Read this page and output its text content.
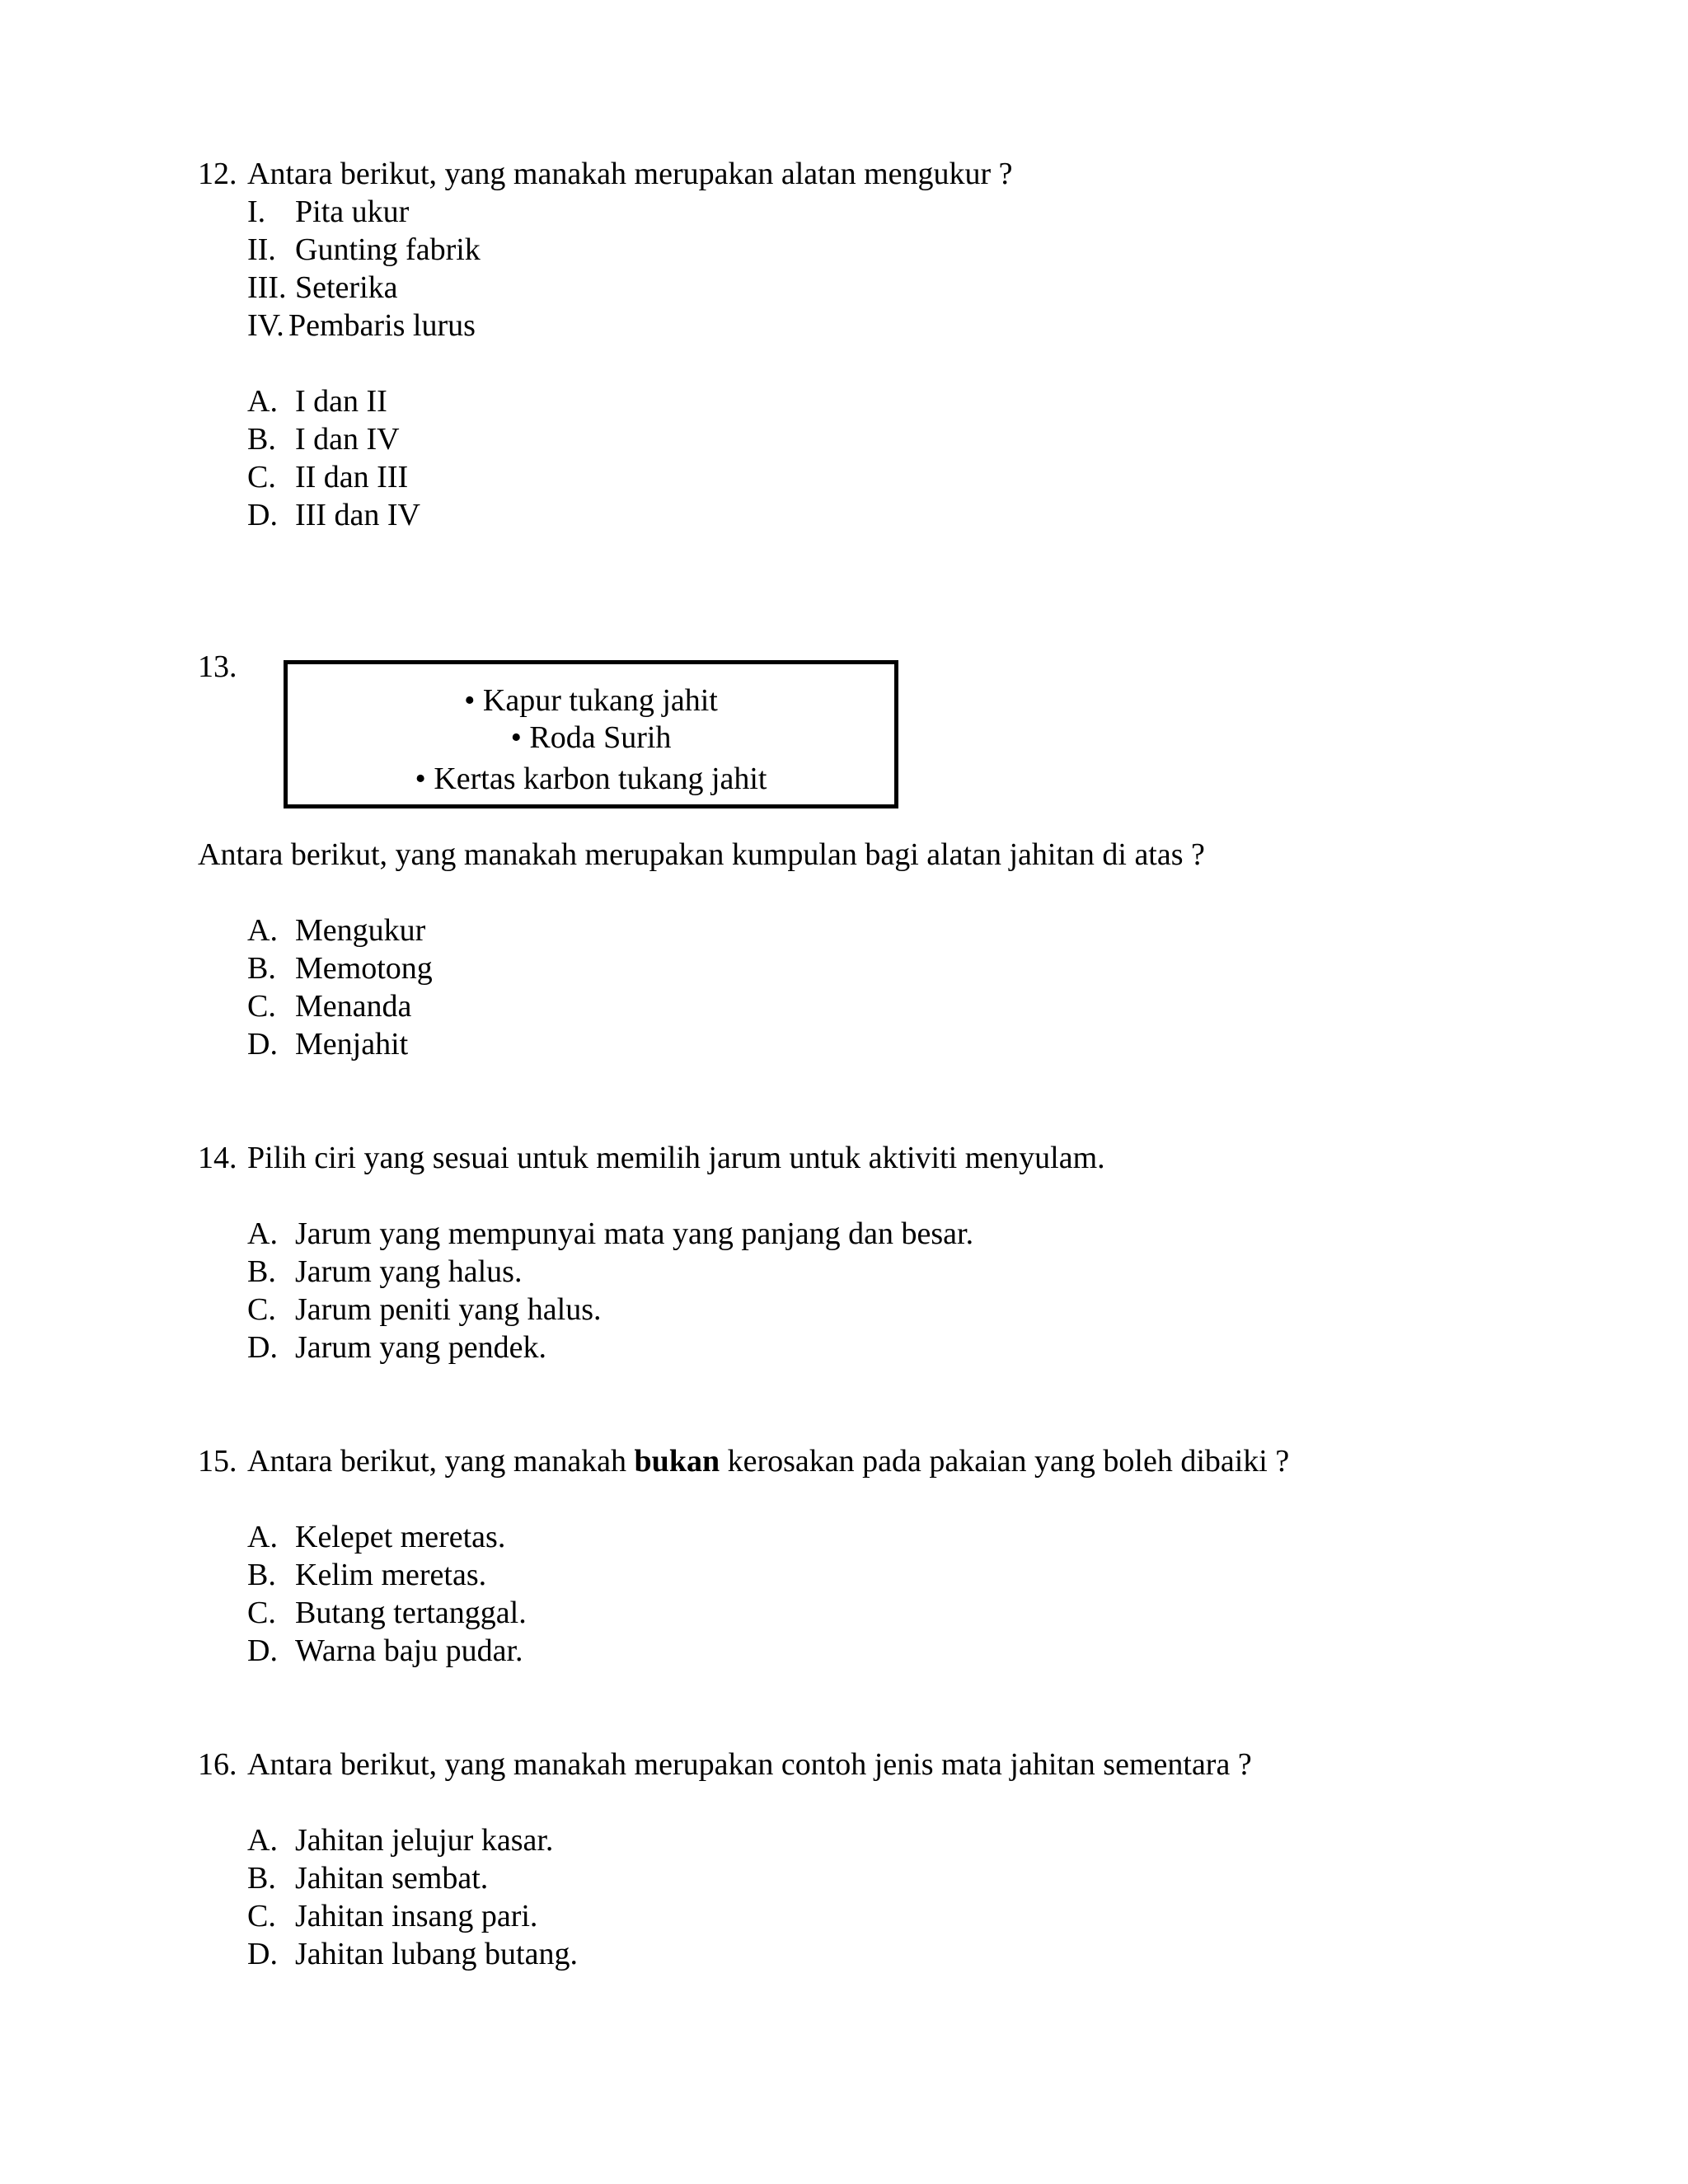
12. Antara berikut, yang manakah merupakan alatan mengukur ?
I. Pita ukur
II. Gunting fabrik
III. Seterika
IV. Pembaris lurus
A. I dan II
B. I dan IV
C. II dan III
D. III dan IV
13.
• Kapur tukang jahit
• Roda Surih
• Kertas karbon tukang jahit
Antara berikut, yang manakah merupakan kumpulan bagi alatan jahitan di atas ?
A. Mengukur
B. Memotong
C. Menanda
D. Menjahit
14. Pilih ciri yang sesuai untuk memilih jarum untuk aktiviti menyulam.
A. Jarum yang mempunyai mata yang panjang dan besar.
B. Jarum yang halus.
C. Jarum peniti yang halus.
D. Jarum yang pendek.
15. Antara berikut, yang manakah bukan kerosakan pada pakaian yang boleh dibaiki ?
A. Kelepet meretas.
B. Kelim meretas.
C. Butang tertanggal.
D. Warna baju pudar.
16. Antara berikut, yang manakah merupakan contoh jenis mata jahitan sementara ?
A. Jahitan jelujur kasar.
B. Jahitan sembat.
C. Jahitan insang pari.
D. Jahitan lubang butang.
